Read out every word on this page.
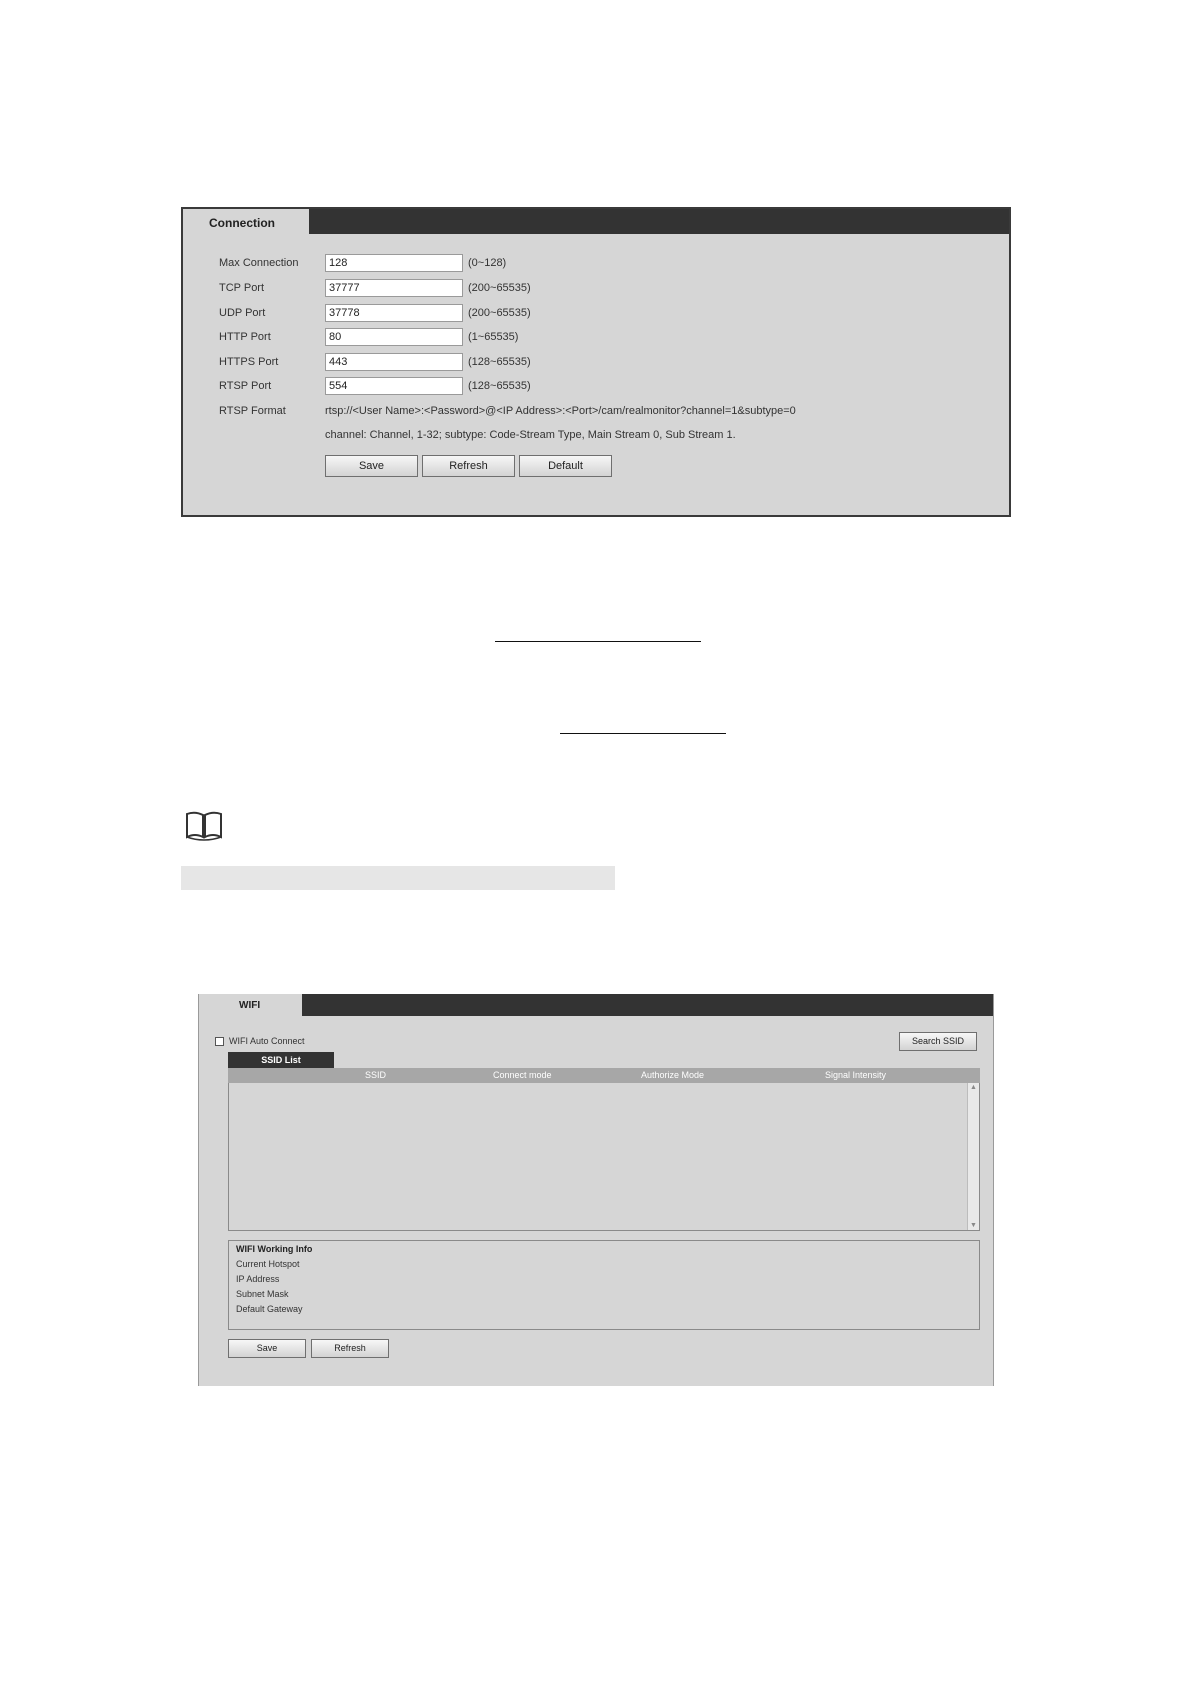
Connection
Max Connection	128	(0~128)
TCP Port	37777	(200~65535)
UDP Port	37778	(200~65535)
HTTP Port	80	(1~65535)
HTTPS Port	443	(128~65535)
RTSP Port	554	(128~65535)
RTSP Format	rtsp://<User Name>:<Password>@<IP Address>:<Port>/cam/realmonitor?channel=1&subtype=0
channel: Channel, 1-32; subtype: Code-Stream Type, Main Stream 0, Sub Stream 1.
Save	Refresh	Default
WIFI
WIFI Auto Connect	Search SSID
SSID List
SSID	Connect mode	Authorize Mode	Signal Intensity
▲
▼
WIFI Working Info
Current Hotspot
IP Address
Subnet Mask
Default Gateway
Save	Refresh
